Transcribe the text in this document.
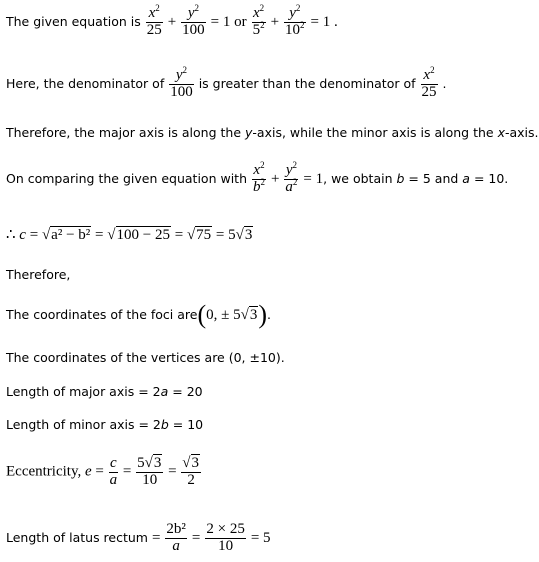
The given equation is $\frac{x^2}{25} + \frac{y^2}{100} = 1$ or $\frac{x^2}{5^2} + \frac{y^2}{10^2} = 1$ .
Here, the denominator of $\frac{y^2}{100}$ is greater than the denominator of $\frac{x^2}{25}$ .
Therefore, the major axis is along the y-axis, while the minor axis is along the x-axis.
On comparing the given equation with $\frac{x^2}{b^2} + \frac{y^2}{a^2} = 1$, we obtain b = 5 and a = 10.
∴ c = √a² − b² = √100 − 25 = √75 = 5√3
Therefore,
The coordinates of the foci are(0, ± 5√3).
The coordinates of the vertices are (0, ±10).
Length of major axis = 2a = 20
Length of minor axis = 2b = 10
Eccentricity, $e = \frac{c}{a} = \frac{5√3}{10} = \frac{√3}{2}$
Length of latus rectum = $\frac{\text{2b²}}{a} = \frac{2 \times 25}{10} = 5$
